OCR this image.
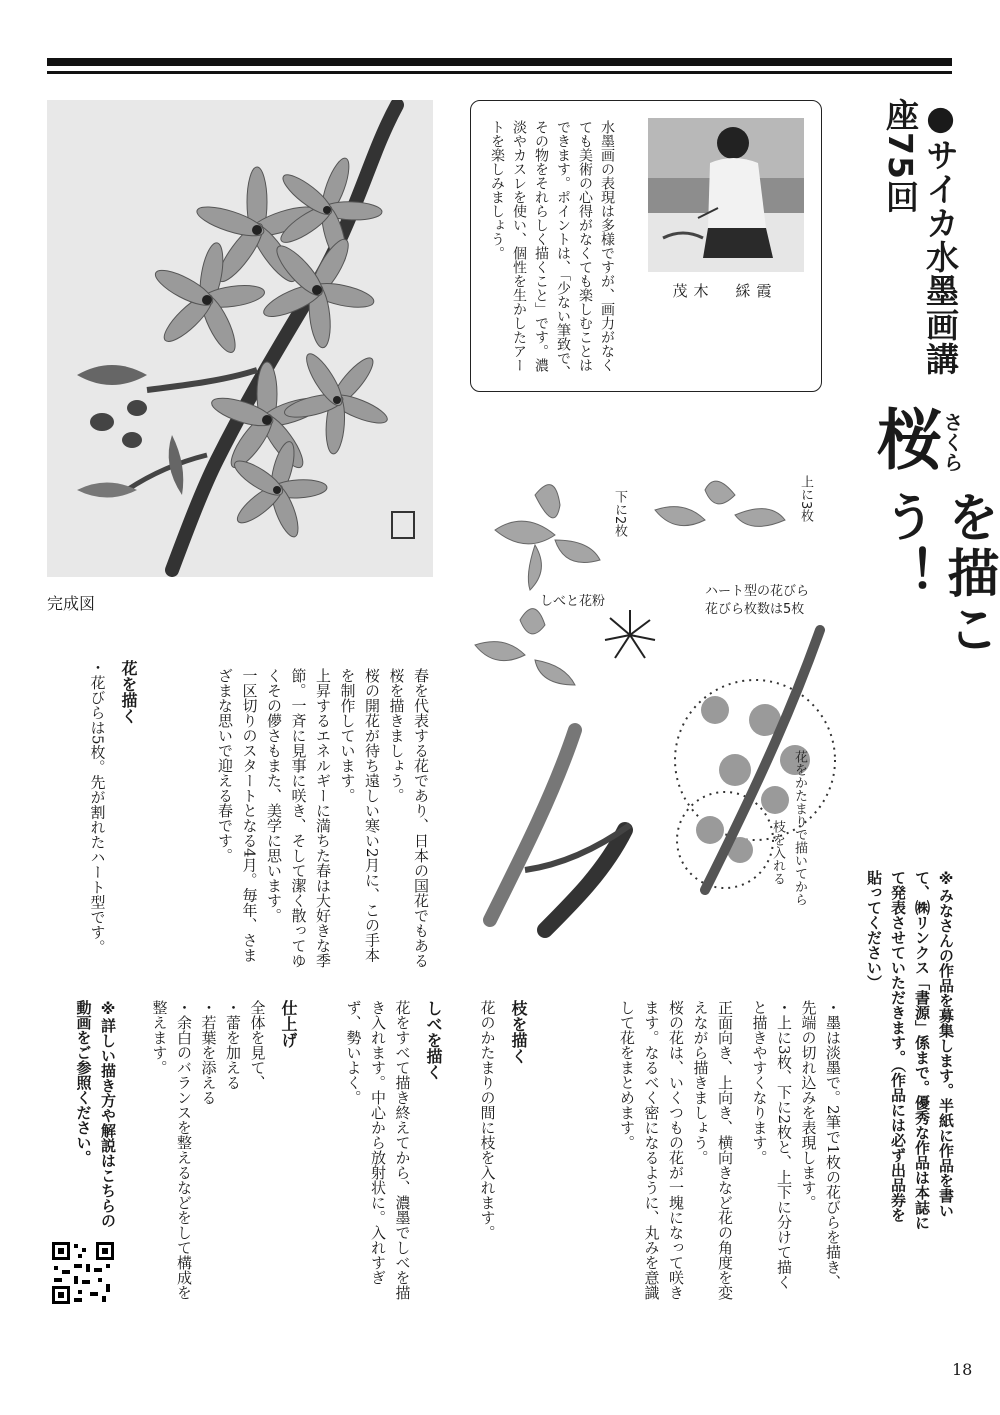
●サイカ水墨画講座75回
桜
さくら
を描こう！
※みなさんの作品を募集します。半紙に作品を書いて、㈱リンクス「書源」係まで。優秀な作品は本誌にて発表させていただきます。（作品には必ず出品券を貼ってください）
水墨画の表現は多様ですが、画力がなくても美術の心得がなくても楽しむことはできます。ポイントは、「少ない筆致で、その物をそれらしく描くこと」です。濃淡やカスレを使い、個性を生かしたアートを楽しみましょう。
茂木　綵霞
完成図
下に2枚	上に3枚
しべと花粉
ハート型の花びら
花びら枚数は5枚
花をかたまりで描いてから
枝を入れる

春を代表する花であり、日本の国花でもある桜を描きましょう。

桜の開花が待ち遠しい寒い2月に、この手本を制作しています。

上昇するエネルギーに満ちた春は大好きな季節。一斉に見事に咲き、そして潔く散ってゆくその儚さもまた、美学に思います。

一区切りのスタートとなる4月。毎年、さまざまな思いで迎える春です。

花を描く

・花びらは5枚。先が割れたハート型です。

・墨は淡墨で。2筆で1枚の花びらを描き、先端の切れ込みを表現します。

・上に3枚、下に2枚と、上下に分けて描くと描きやすくなります。

正面向き、上向き、横向きなど花の角度を変えながら描きましょう。

桜の花は、いくつもの花が一塊になって咲きます。なるべく密になるように、丸みを意識して花をまとめます。

枝を描く

花のかたまりの間に枝を入れます。

しべを描く

花をすべて描き終えてから、濃墨でしべを描き入れます。中心から放射状に。入れすぎず、勢いよく。

仕上げ

全体を見て、

・蕾を加える

・若葉を添える

・余白のバランスを整えるなどをして構成を整えます。

※詳しい描き方や解説はこちらの動画をご参照ください。
18
